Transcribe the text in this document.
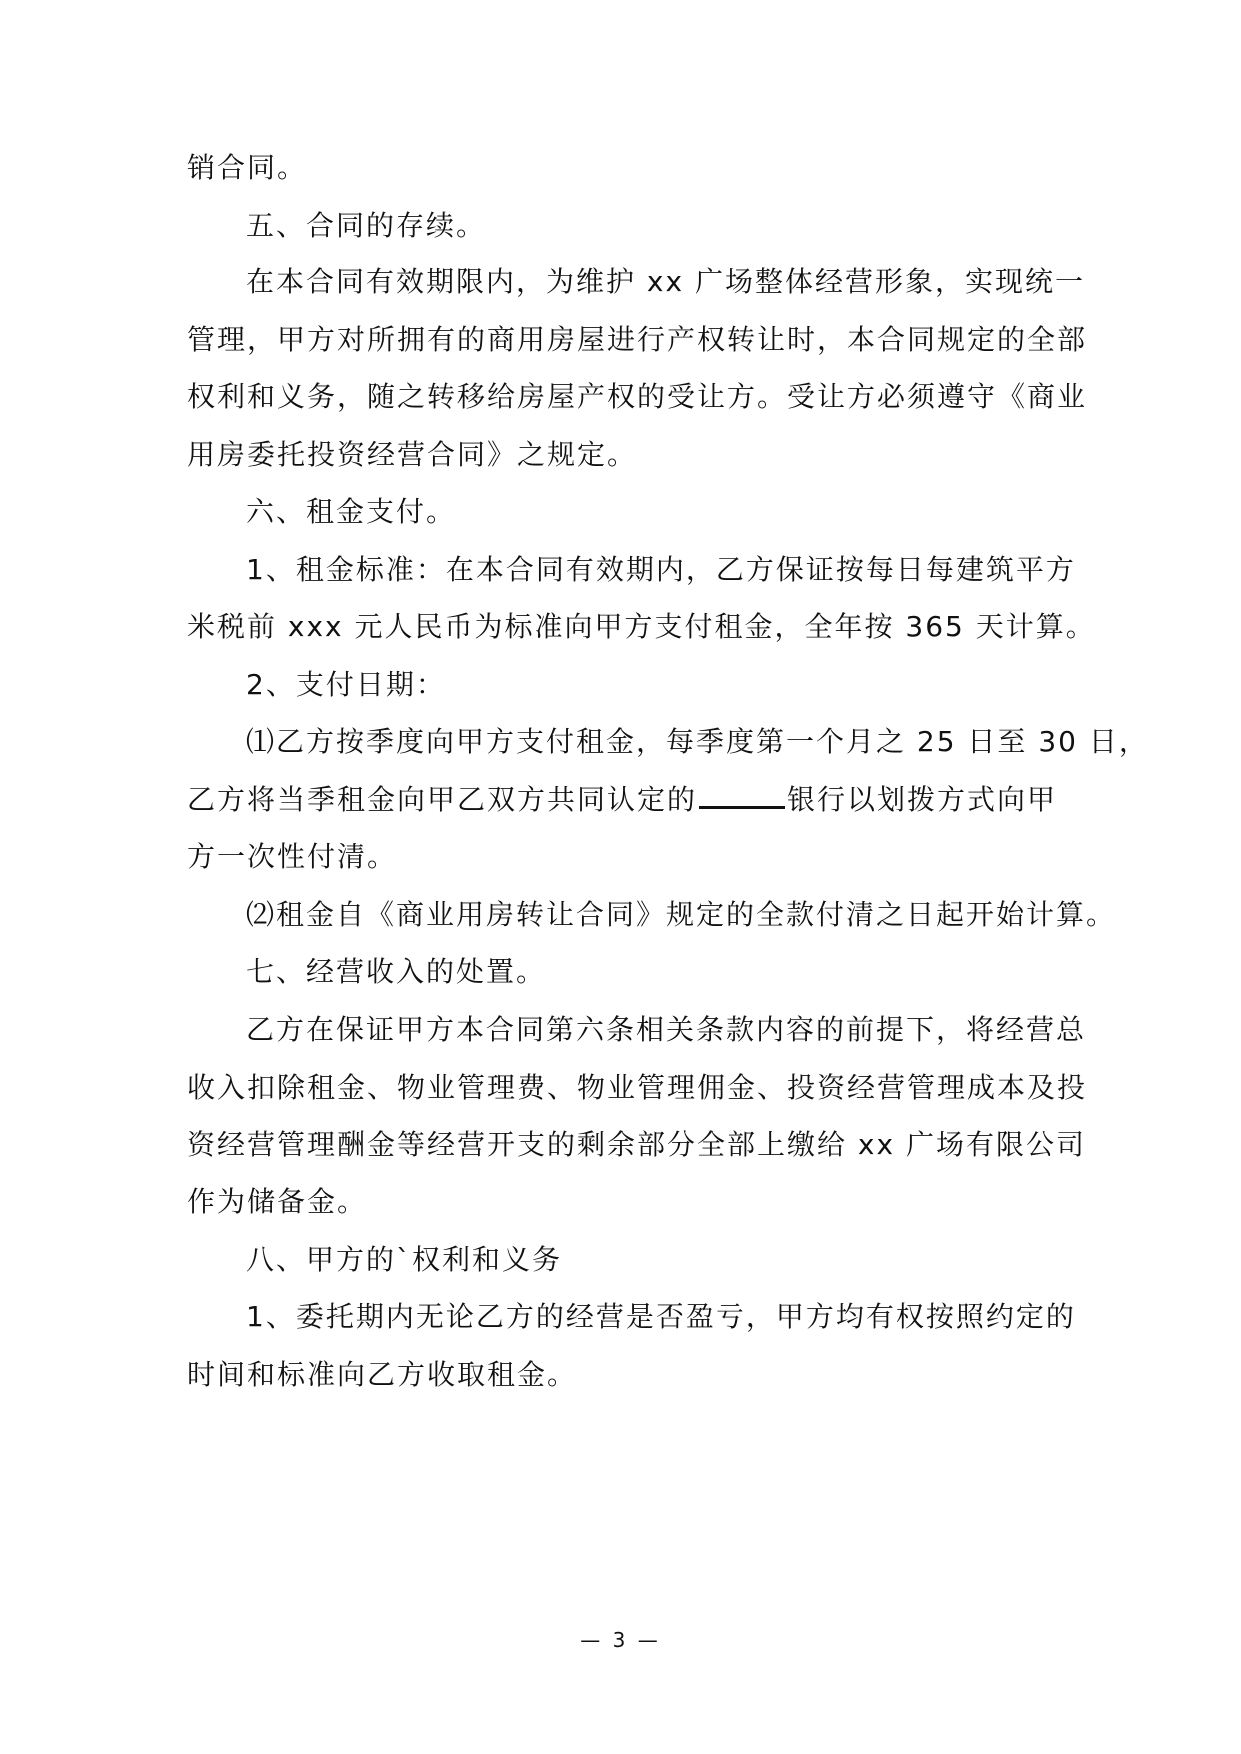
销合同。
五、合同的存续。
在本合同有效期限内，为维护 xx 广场整体经营形象，实现统一
管理，甲方对所拥有的商用房屋进行产权转让时，本合同规定的全部
权利和义务，随之转移给房屋产权的受让方。受让方必须遵守《商业
用房委托投资经营合同》之规定。
六、租金支付。
1、租金标准：在本合同有效期内，乙方保证按每日每建筑平方
米税前 xxx 元人民币为标准向甲方支付租金，全年按 365 天计算。
2、支付日期：
⑴乙方按季度向甲方支付租金，每季度第一个月之 25 日至 30 日，
乙方将当季租金向甲乙双方共同认定的	银行以划拨方式向甲
方一次性付清。
⑵租金自《商业用房转让合同》规定的全款付清之日起开始计算。
七、经营收入的处置。
乙方在保证甲方本合同第六条相关条款内容的前提下，将经营总
收入扣除租金、物业管理费、物业管理佣金、投资经营管理成本及投
资经营管理酬金等经营开支的剩余部分全部上缴给 xx 广场有限公司
作为储备金。
八、甲方的`权利和义务
1、委托期内无论乙方的经营是否盈亏，甲方均有权按照约定的
时间和标准向乙方收取租金。
— 3 —
